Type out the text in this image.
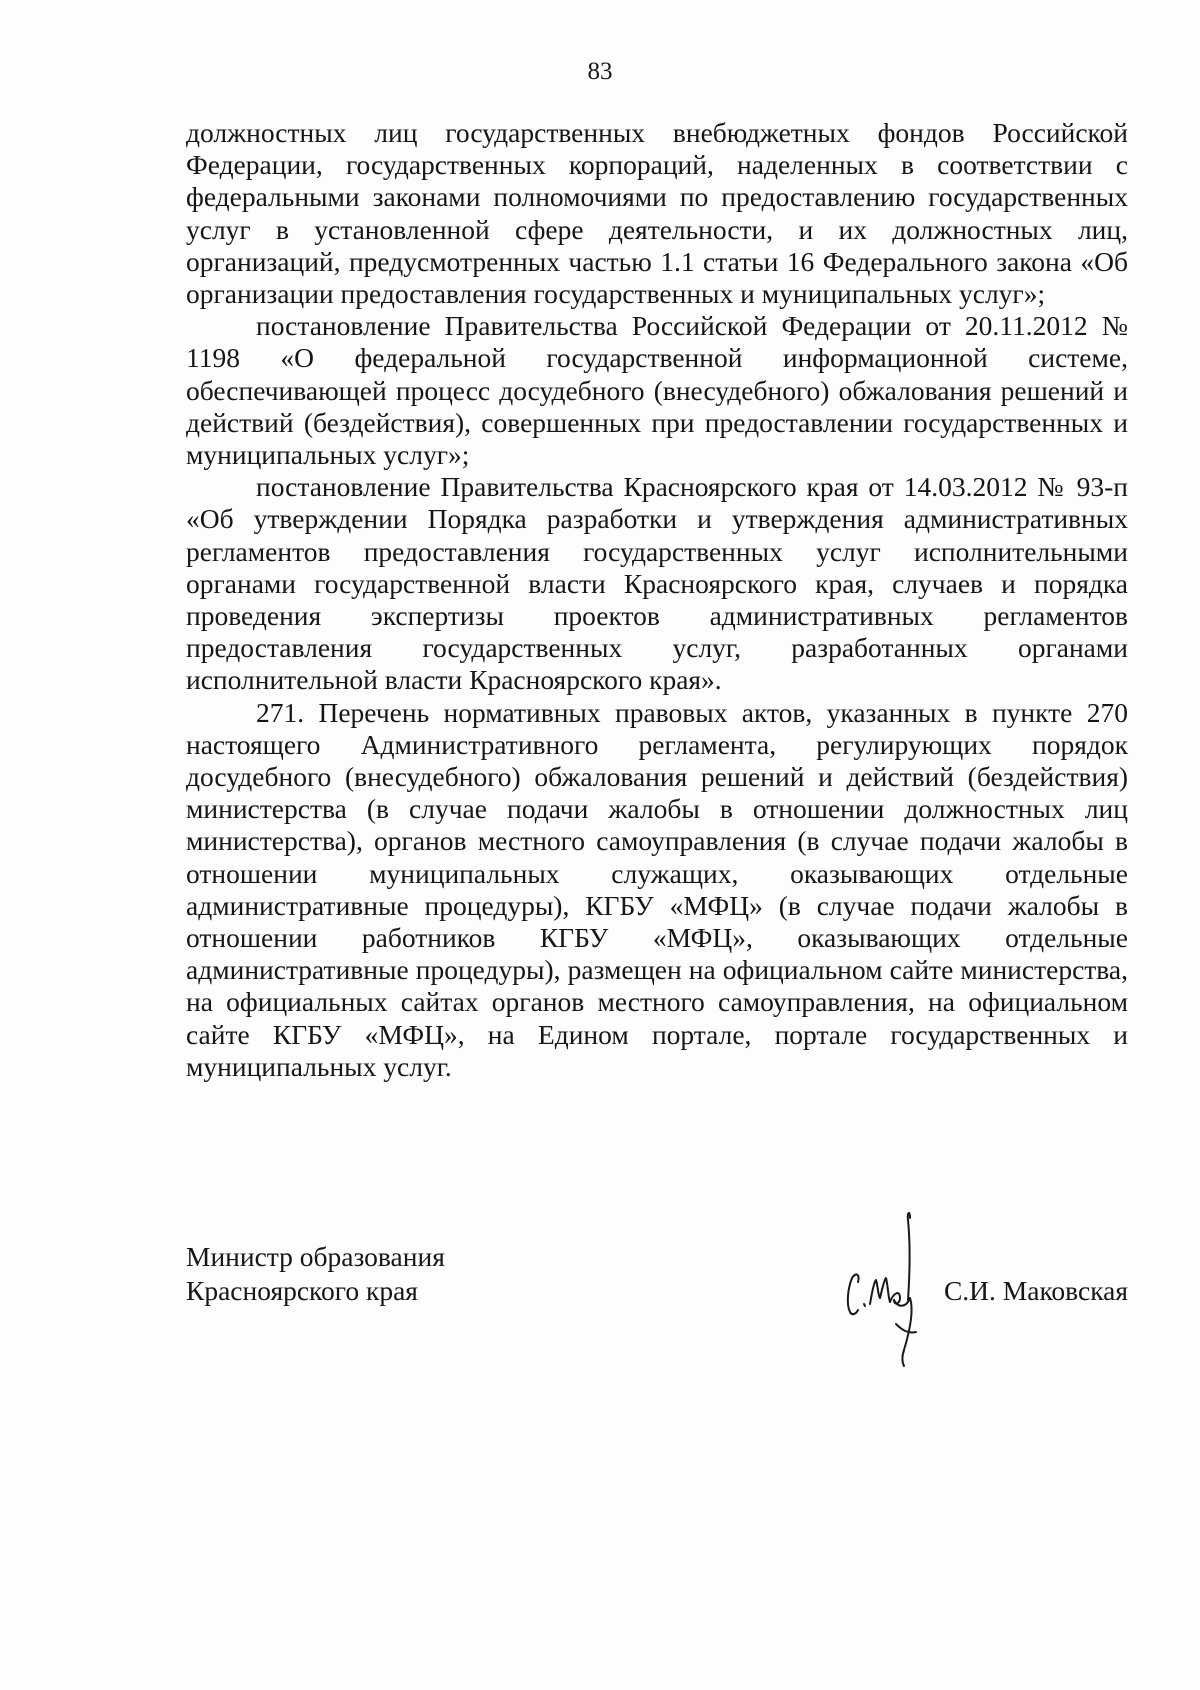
83

должностных лиц государственных внебюджетных фондов Российской Федерации, государственных корпораций, наделенных в соответствии с федеральными законами полномочиями по предоставлению государственных услуг в установленной сфере деятельности, и их должностных лиц, организаций, предусмотренных частью 1.1 статьи 16 Федерального закона «Об организации предоставления государственных и муниципальных услуг»;

постановление Правительства Российской Федерации от 20.11.2012 № 1198 «О федеральной государственной информационной системе, обеспечивающей процесс досудебного (внесудебного) обжалования решений и действий (бездействия), совершенных при предоставлении государственных и муниципальных услуг»;

постановление Правительства Красноярского края от 14.03.2012 № 93-п «Об утверждении Порядка разработки и утверждения административных регламентов предоставления государственных услуг исполнительными органами государственной власти Красноярского края, случаев и порядка проведения экспертизы проектов административных регламентов предоставления государственных услуг, разработанных органами исполнительной власти Красноярского края».

271. Перечень нормативных правовых актов, указанных в пункте 270 настоящего Административного регламента, регулирующих порядок досудебного (внесудебного) обжалования решений и действий (бездействия) министерства (в случае подачи жалобы в отношении должностных лиц министерства), органов местного самоуправления (в случае подачи жалобы в отношении муниципальных служащих, оказывающих отдельные административные процедуры), КГБУ «МФЦ» (в случае подачи жалобы в отношении работников КГБУ «МФЦ», оказывающих отдельные административные процедуры), размещен на официальном сайте министерства, на официальных сайтах органов местного самоуправления, на официальном сайте КГБУ «МФЦ», на Едином портале, портале государственных и муниципальных услуг.

Министр образования
Красноярского края	С.И. Маковская
